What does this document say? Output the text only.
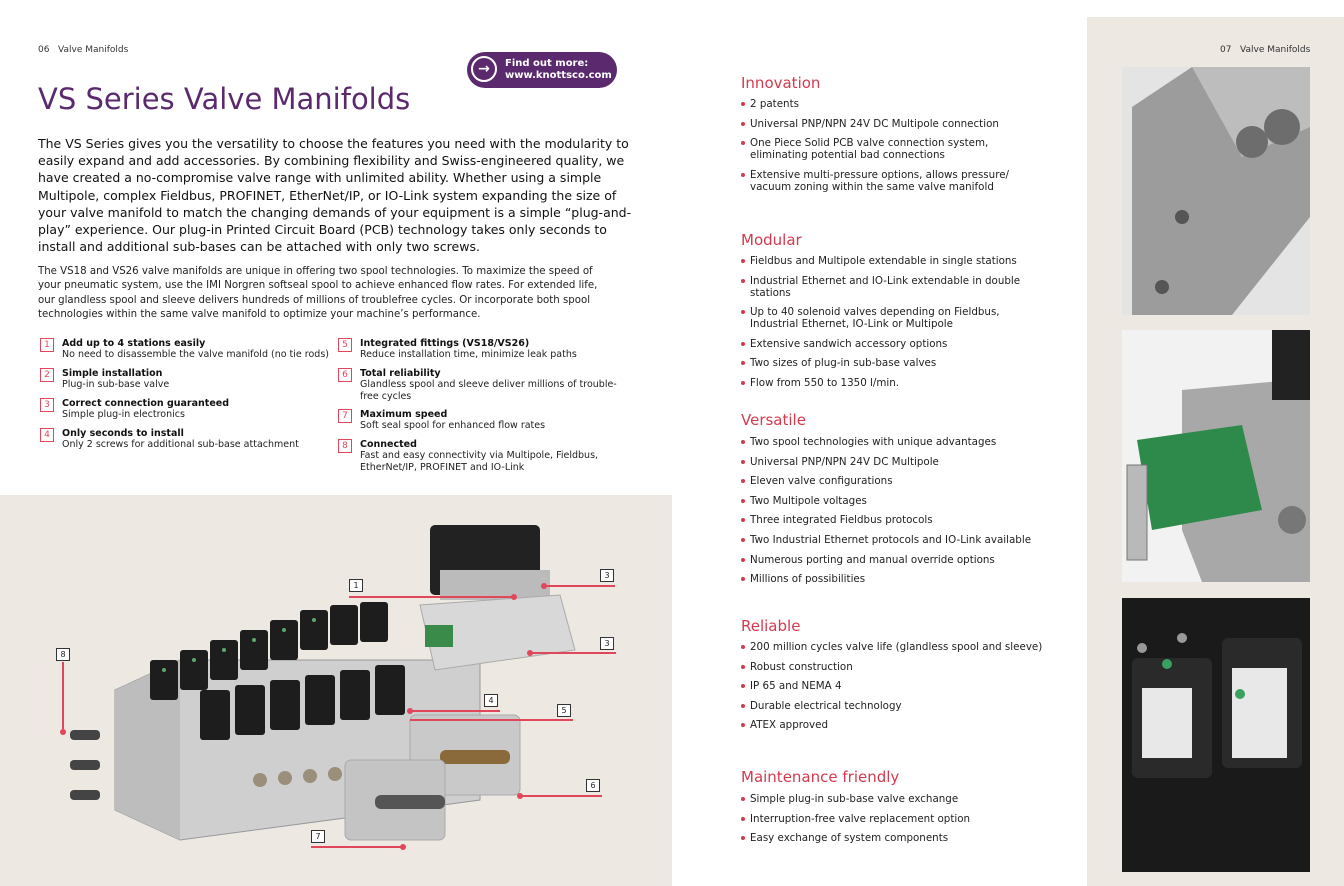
06 Valve Manifolds
→	Find out more:
www.knottsco.com
VS Series Valve Manifolds

The VS Series gives you the versatility to choose the features you need with the modularity to easily expand and add accessories. By combining flexibility and Swiss-engineered quality, we have created a no-compromise valve range with unlimited ability. Whether using a simple Multipole, complex Fieldbus, PROFINET, EtherNet/IP, or IO-Link system expanding the size of your valve manifold to match the changing demands of your equipment is a simple “plug-and-play” experience. Our plug-in Printed Circuit Board (PCB) technology takes only seconds to install and additional sub-bases can be attached with only two screws.

The VS18 and VS26 valve manifolds are unique in offering two spool technologies. To maximize the speed of your pneumatic system, use the IMI Norgren softseal spool to achieve enhanced flow rates. For extended life, our glandless spool and sleeve delivers hundreds of millions of troublefree cycles. Or incorporate both spool technologies within the same valve manifold to optimize your machine’s performance.
1	Add up to 4 stations easily
No need to disassemble the valve manifold (no tie rods)
2	Simple installation
Plug-in sub-base valve
3	Correct connection guaranteed
Simple plug-in electronics
4	Only seconds to install
Only 2 screws for additional sub-base attachment
5	Integrated fittings (VS18/VS26)
Reduce installation time, minimize leak paths
6	Total reliability
Glandless spool and sleeve deliver millions of trouble-free cycles
7	Maximum speed
Soft seal spool for enhanced flow rates
8	Connected
Fast and easy connectivity via Multipole, Fieldbus, EtherNet/IP, PROFINET and IO-Link
1
3
3
4
5
6
7
8
07 Valve Manifolds
Innovation
2 patents
Universal PNP/NPN 24V DC Multipole connection
One Piece Solid PCB valve connection system, eliminating potential bad connections
Extensive multi-pressure options, allows pressure/ vacuum zoning within the same valve manifold
Modular
Fieldbus and Multipole extendable in single stations
Industrial Ethernet and IO-Link extendable in double stations
Up to 40 solenoid valves depending on Fieldbus, Industrial Ethernet, IO-Link or Multipole
Extensive sandwich accessory options
Two sizes of plug-in sub-base valves
Flow from 550 to 1350 l/min.
Versatile
Two spool technologies with unique advantages
Universal PNP/NPN 24V DC Multipole
Eleven valve configurations
Two Multipole voltages
Three integrated Fieldbus protocols
Two Industrial Ethernet protocols and IO-Link available
Numerous porting and manual override options
Millions of possibilities
Reliable
200 million cycles valve life (glandless spool and sleeve)
Robust construction
IP 65 and NEMA 4
Durable electrical technology
ATEX approved
Maintenance friendly
Simple plug-in sub-base valve exchange
Interruption-free valve replacement option
Easy exchange of system components
